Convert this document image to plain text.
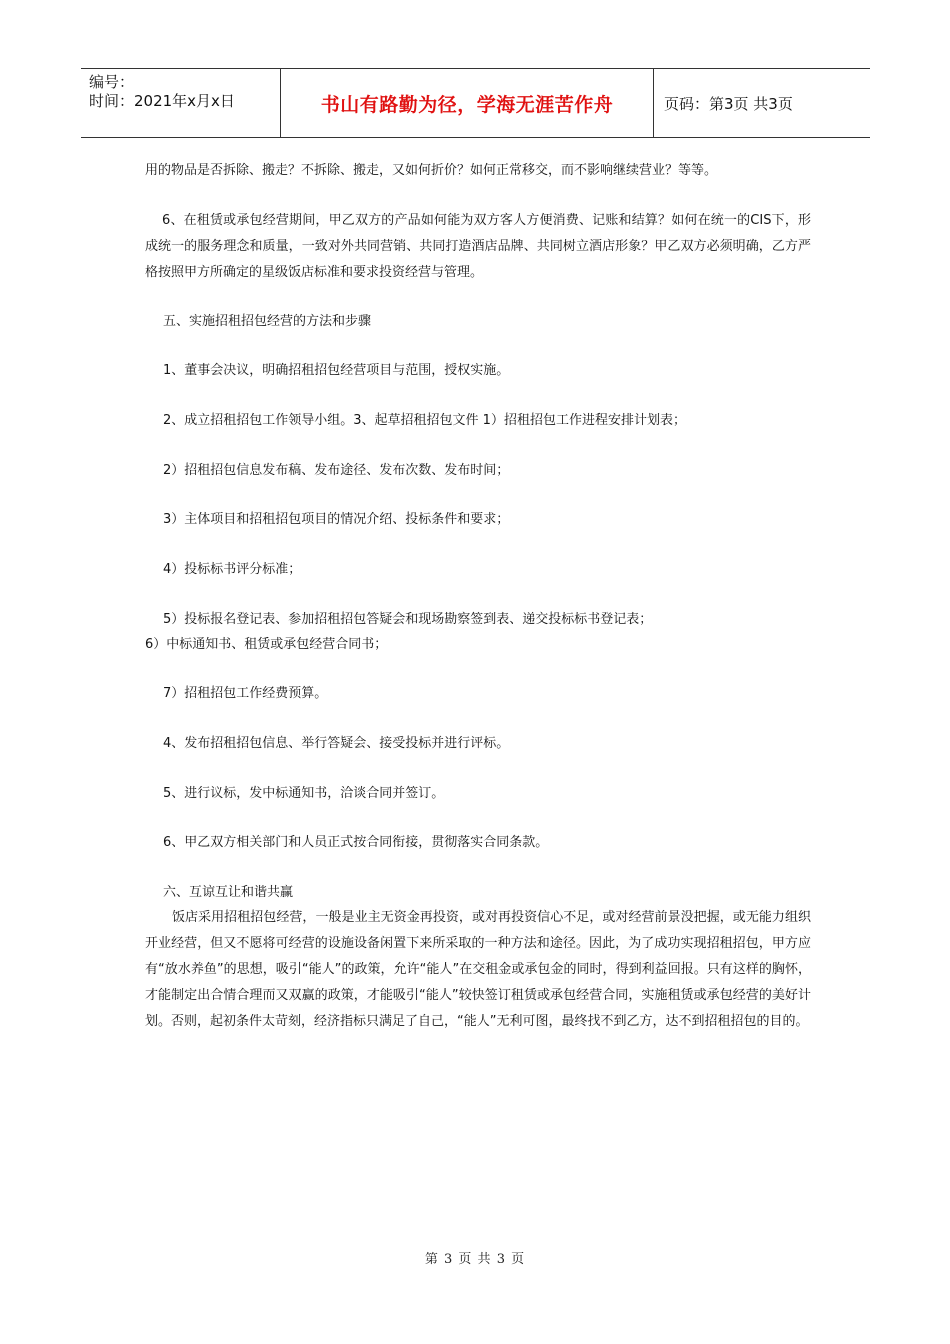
编号：
时间：2021年x月x日	书山有路勤为径，学海无涯苦作舟	页码：第3页 共3页
用的物品是否拆除、搬走？不拆除、搬走，又如何折价？如何正常移交，而不影响继续营业？等等。
6、在租赁或承包经营期间，甲乙双方的产品如何能为双方客人方便消费、记账和结算？如何在统一的CIS下，形成统一的服务理念和质量，一致对外共同营销、共同打造酒店品牌、共同树立酒店形象？甲乙双方必须明确，乙方严格按照甲方所确定的星级饭店标准和要求投资经营与管理。
五、实施招租招包经营的方法和步骤
1、董事会决议，明确招租招包经营项目与范围，授权实施。
2、成立招租招包工作领导小组。3、起草招租招包文件 1）招租招包工作进程安排计划表；
2）招租招包信息发布稿、发布途径、发布次数、发布时间；
3）主体项目和招租招包项目的情况介绍、投标条件和要求；
4）投标标书评分标准；
5）投标报名登记表、参加招租招包答疑会和现场勘察签到表、递交投标标书登记表；
6）中标通知书、租赁或承包经营合同书；
7）招租招包工作经费预算。
4、发布招租招包信息、举行答疑会、接受投标并进行评标。
5、进行议标，发中标通知书，洽谈合同并签订。
6、甲乙双方相关部门和人员正式按合同衔接，贯彻落实合同条款。
六、互谅互让和谐共赢
饭店采用招租招包经营，一般是业主无资金再投资，或对再投资信心不足，或对经营前景没把握，或无能力组织开业经营，但又不愿将可经营的设施设备闲置下来所采取的一种方法和途径。因此，为了成功实现招租招包，甲方应有“放水养鱼”的思想，吸引“能人”的政策，允许“能人”在交租金或承包金的同时，得到利益回报。只有这样的胸怀，才能制定出合情合理而又双赢的政策，才能吸引“能人”较快签订租赁或承包经营合同，实施租赁或承包经营的美好计划。否则，起初条件太苛刻，经济指标只满足了自己，“能人”无利可图，最终找不到乙方，达不到招租招包的目的。
第 3 页 共 3 页
